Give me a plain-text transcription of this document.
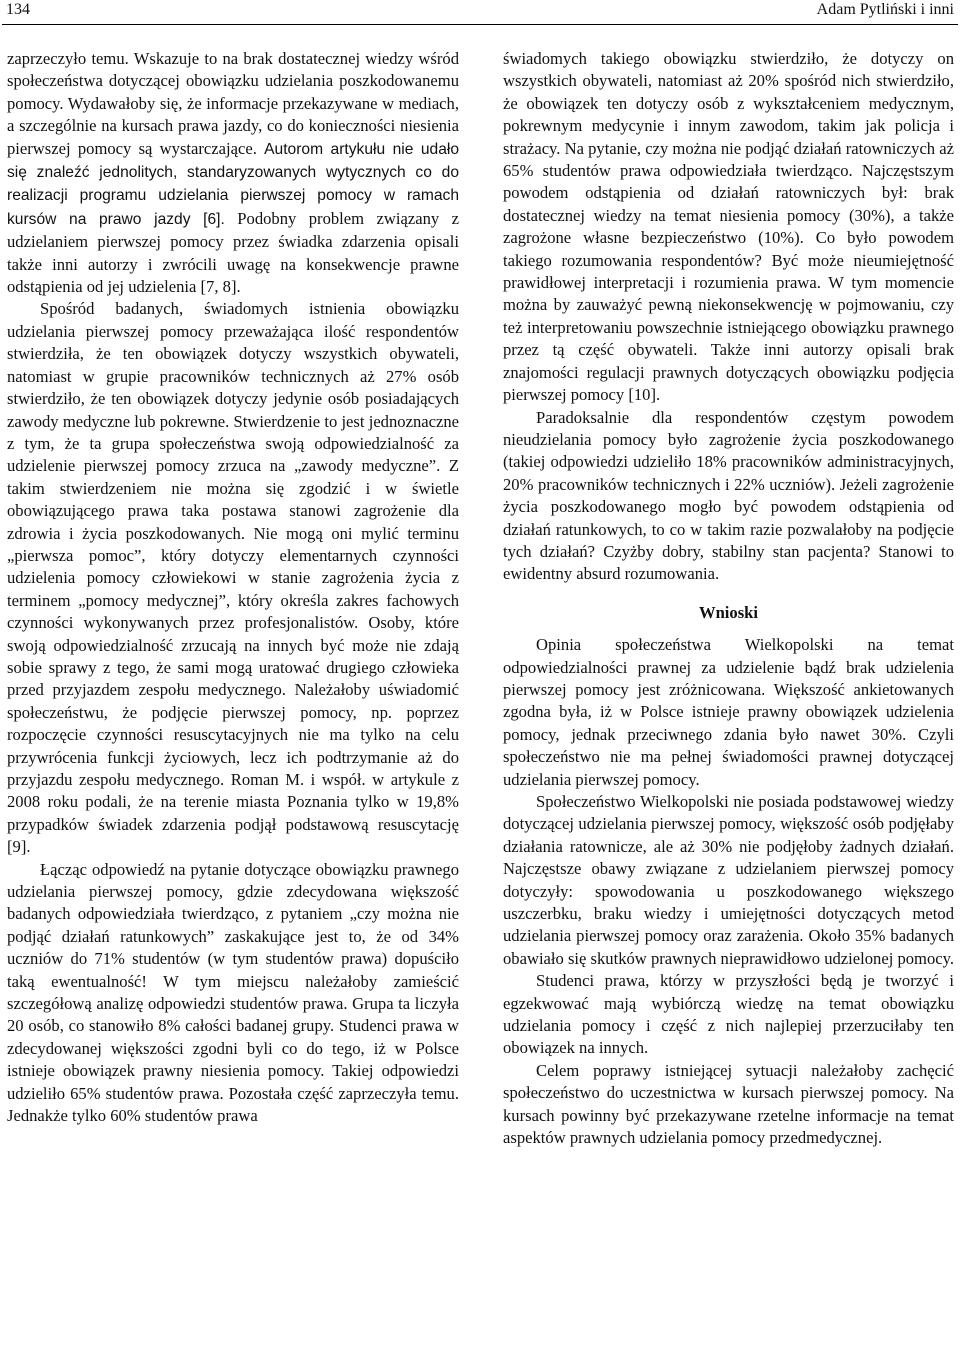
134	Adam Pytliński i inni

zaprzeczyło temu. Wskazuje to na brak dostatecznej wiedzy wśród społeczeństwa dotyczącej obowiązku udzielania poszkodowanemu pomocy. Wydawałoby się, że informacje przekazywane w mediach, a szczególnie na kursach prawa jazdy, co do konieczności niesienia pierwszej pomocy są wystarczające. Autorom artykułu nie udało się znaleźć jednolitych, standaryzowanych wytycznych co do realizacji programu udzielania pierwszej pomocy w ramach kursów na prawo jazdy [6]. Podobny problem związany z udzielaniem pierwszej pomocy przez świadka zdarzenia opisali także inni autorzy i zwrócili uwagę na konsekwencje prawne odstąpienia od jej udzielenia [7, 8].

Spośród badanych, świadomych istnienia obowiązku udzielania pierwszej pomocy przeważająca ilość respondentów stwierdziła, że ten obowiązek dotyczy wszystkich obywateli, natomiast w grupie pracowników technicznych aż 27% osób stwierdziło, że ten obowiązek dotyczy jedynie osób posiadających zawody medyczne lub pokrewne. Stwierdzenie to jest jednoznaczne z tym, że ta grupa społeczeństwa swoją odpowiedzialność za udzielenie pierwszej pomocy zrzuca na „zawody medyczne”. Z takim stwierdzeniem nie można się zgodzić i w świetle obowiązującego prawa taka postawa stanowi zagrożenie dla zdrowia i życia poszkodowanych. Nie mogą oni mylić terminu „pierwsza pomoc”, który dotyczy elementarnych czynności udzielenia pomocy człowiekowi w stanie zagrożenia życia z terminem „pomocy medycznej”, który określa zakres fachowych czynności wykonywanych przez profesjonalistów. Osoby, które swoją odpowiedzialność zrzucają na innych być może nie zdają sobie sprawy z tego, że sami mogą uratować drugiego człowieka przed przyjazdem zespołu medycznego. Należałoby uświadomić społeczeństwu, że podjęcie pierwszej pomocy, np. poprzez rozpoczęcie czynności resuscytacyjnych nie ma tylko na celu przywrócenia funkcji życiowych, lecz ich podtrzymanie aż do przyjazdu zespołu medycznego. Roman M. i współ. w artykule z 2008 roku podali, że na terenie miasta Poznania tylko w 19,8% przypadków świadek zdarzenia podjął podstawową resuscytację [9].

Łącząc odpowiedź na pytanie dotyczące obowiązku prawnego udzielania pierwszej pomocy, gdzie zdecydowana większość badanych odpowiedziała twierdząco, z pytaniem „czy można nie podjąć działań ratunkowych” zaskakujące jest to, że od 34% uczniów do 71% studentów (w tym studentów prawa) dopuściło taką ewentualność! W tym miejscu należałoby zamieścić szczegółową analizę odpowiedzi studentów prawa. Grupa ta liczyła 20 osób, co stanowiło 8% całości badanej grupy. Studenci prawa w zdecydowanej większości zgodni byli co do tego, iż w Polsce istnieje obowiązek prawny niesienia pomocy. Takiej odpowiedzi udzieliło 65% studentów prawa. Pozostała część zaprzeczyła temu. Jednakże tylko 60% studentów prawa

świadomych takiego obowiązku stwierdziło, że dotyczy on wszystkich obywateli, natomiast aż 20% spośród nich stwierdziło, że obowiązek ten dotyczy osób z wykształceniem medycznym, pokrewnym medycynie i innym zawodom, takim jak policja i strażacy. Na pytanie, czy można nie podjąć działań ratowniczych aż 65% studentów prawa odpowiedziała twierdząco. Najczęstszym powodem odstąpienia od działań ratowniczych był: brak dostatecznej wiedzy na temat niesienia pomocy (30%), a także zagrożone własne bezpieczeństwo (10%). Co było powodem takiego rozumowania respondentów? Być może nieumiejętność prawidłowej interpretacji i rozumienia prawa. W tym momencie można by zauważyć pewną niekonsekwencję w pojmowaniu, czy też interpretowaniu powszechnie istniejącego obowiązku prawnego przez tą część obywateli. Także inni autorzy opisali brak znajomości regulacji prawnych dotyczących obowiązku podjęcia pierwszej pomocy [10].

Paradoksalnie dla respondentów częstym powodem nieudzielania pomocy było zagrożenie życia poszkodowanego (takiej odpowiedzi udzieliło 18% pracowników administracyjnych, 20% pracowników technicznych i 22% uczniów). Jeżeli zagrożenie życia poszkodowanego mogło być powodem odstąpienia od działań ratunkowych, to co w takim razie pozwalałoby na podjęcie tych działań? Czyżby dobry, stabilny stan pacjenta? Stanowi to ewidentny absurd rozumowania.

Wnioski

Opinia społeczeństwa Wielkopolski na temat odpowiedzialności prawnej za udzielenie bądź brak udzielenia pierwszej pomocy jest zróżnicowana. Większość ankietowanych zgodna była, iż w Polsce istnieje prawny obowiązek udzielenia pomocy, jednak przeciwnego zdania było nawet 30%. Czyli społeczeństwo nie ma pełnej świadomości prawnej dotyczącej udzielania pierwszej pomocy.

Społeczeństwo Wielkopolski nie posiada podstawowej wiedzy dotyczącej udzielania pierwszej pomocy, większość osób podjęłaby działania ratownicze, ale aż 30% nie podjęłoby żadnych działań. Najczęstsze obawy związane z udzielaniem pierwszej pomocy dotyczyły: spowodowania u poszkodowanego większego uszczerbku, braku wiedzy i umiejętności dotyczących metod udzielania pierwszej pomocy oraz zarażenia. Około 35% badanych obawiało się skutków prawnych nieprawidłowo udzielonej pomocy.

Studenci prawa, którzy w przyszłości będą je tworzyć i egzekwować mają wybiórczą wiedzę na temat obowiązku udzielania pomocy i część z nich najlepiej przerzuciłaby ten obowiązek na innych.

Celem poprawy istniejącej sytuacji należałoby zachęcić społeczeństwo do uczestnictwa w kursach pierwszej pomocy. Na kursach powinny być przekazywane rzetelne informacje na temat aspektów prawnych udzielania pomocy przedmedycznej.
